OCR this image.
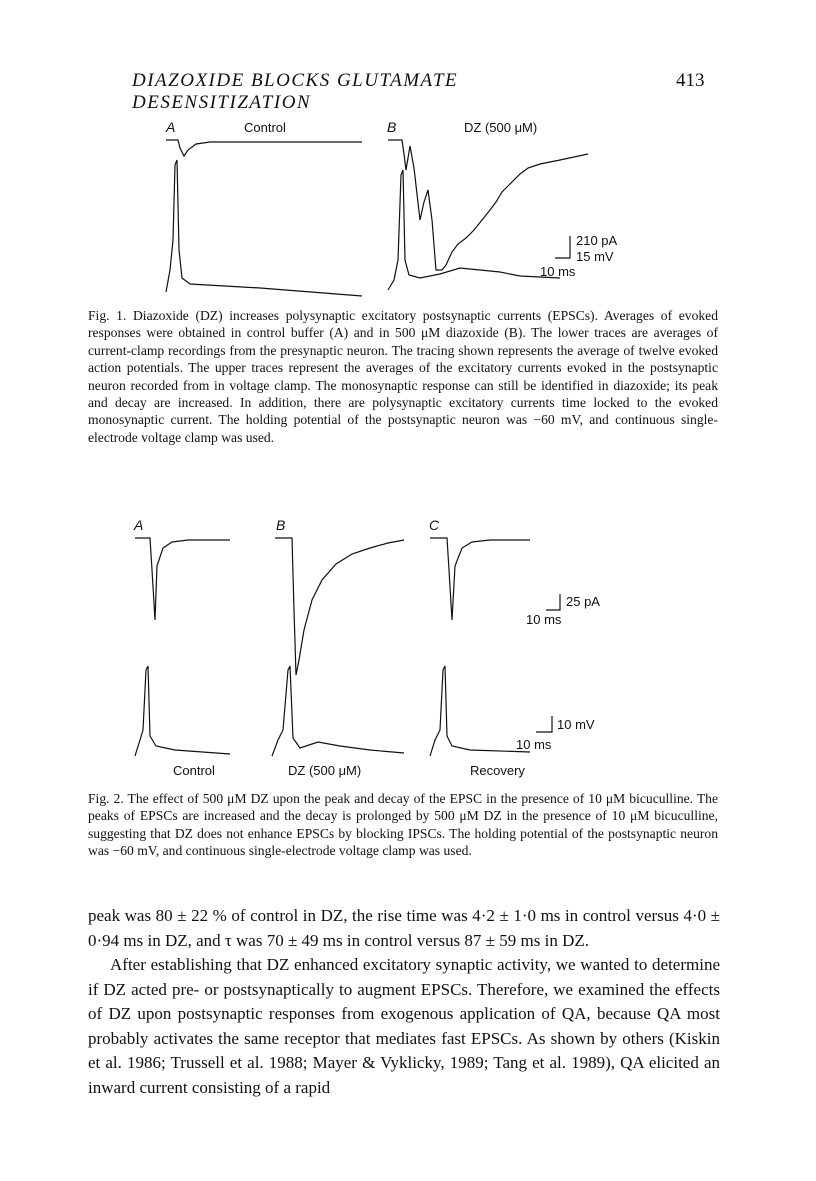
DIAZOXIDE BLOCKS GLUTAMATE DESENSITIZATION
413
A	Control	B	DZ (500 μM)
210 pA
15 mV
10 ms

Fig. 1. Diazoxide (DZ) increases polysynaptic excitatory postsynaptic currents (EPSCs). Averages of evoked responses were obtained in control buffer (A) and in 500 μM diazoxide (B). The lower traces are averages of current-clamp recordings from the presynaptic neuron. The tracing shown represents the average of twelve evoked action potentials. The upper traces represent the averages of the excitatory currents evoked in the postsynaptic neuron recorded from in voltage clamp. The monosynaptic response can still be identified in diazoxide; its peak and decay are increased. In addition, there are polysynaptic excitatory currents time locked to the evoked monosynaptic current. The holding potential of the postsynaptic neuron was −60 mV, and continuous single-electrode voltage clamp was used.

A	B	C
25 pA
10 ms
10 mV
10 ms
Control	DZ (500 μM)	Recovery

Fig. 2. The effect of 500 μM DZ upon the peak and decay of the EPSC in the presence of 10 μM bicuculline. The peaks of EPSCs are increased and the decay is prolonged by 500 μM DZ in the presence of 10 μM bicuculline, suggesting that DZ does not enhance EPSCs by blocking IPSCs. The holding potential of the postsynaptic neuron was −60 mV, and continuous single-electrode voltage clamp was used.

peak was 80 ± 22 % of control in DZ, the rise time was 4·2 ± 1·0 ms in control versus 4·0 ± 0·94 ms in DZ, and τ was 70 ± 49 ms in control versus 87 ± 59 ms in DZ.

After establishing that DZ enhanced excitatory synaptic activity, we wanted to determine if DZ acted pre- or postsynaptically to augment EPSCs. Therefore, we examined the effects of DZ upon postsynaptic responses from exogenous application of QA, because QA most probably activates the same receptor that mediates fast EPSCs. As shown by others (Kiskin et al. 1986; Trussell et al. 1988; Mayer & Vyklicky, 1989; Tang et al. 1989), QA elicited an inward current consisting of a rapid
